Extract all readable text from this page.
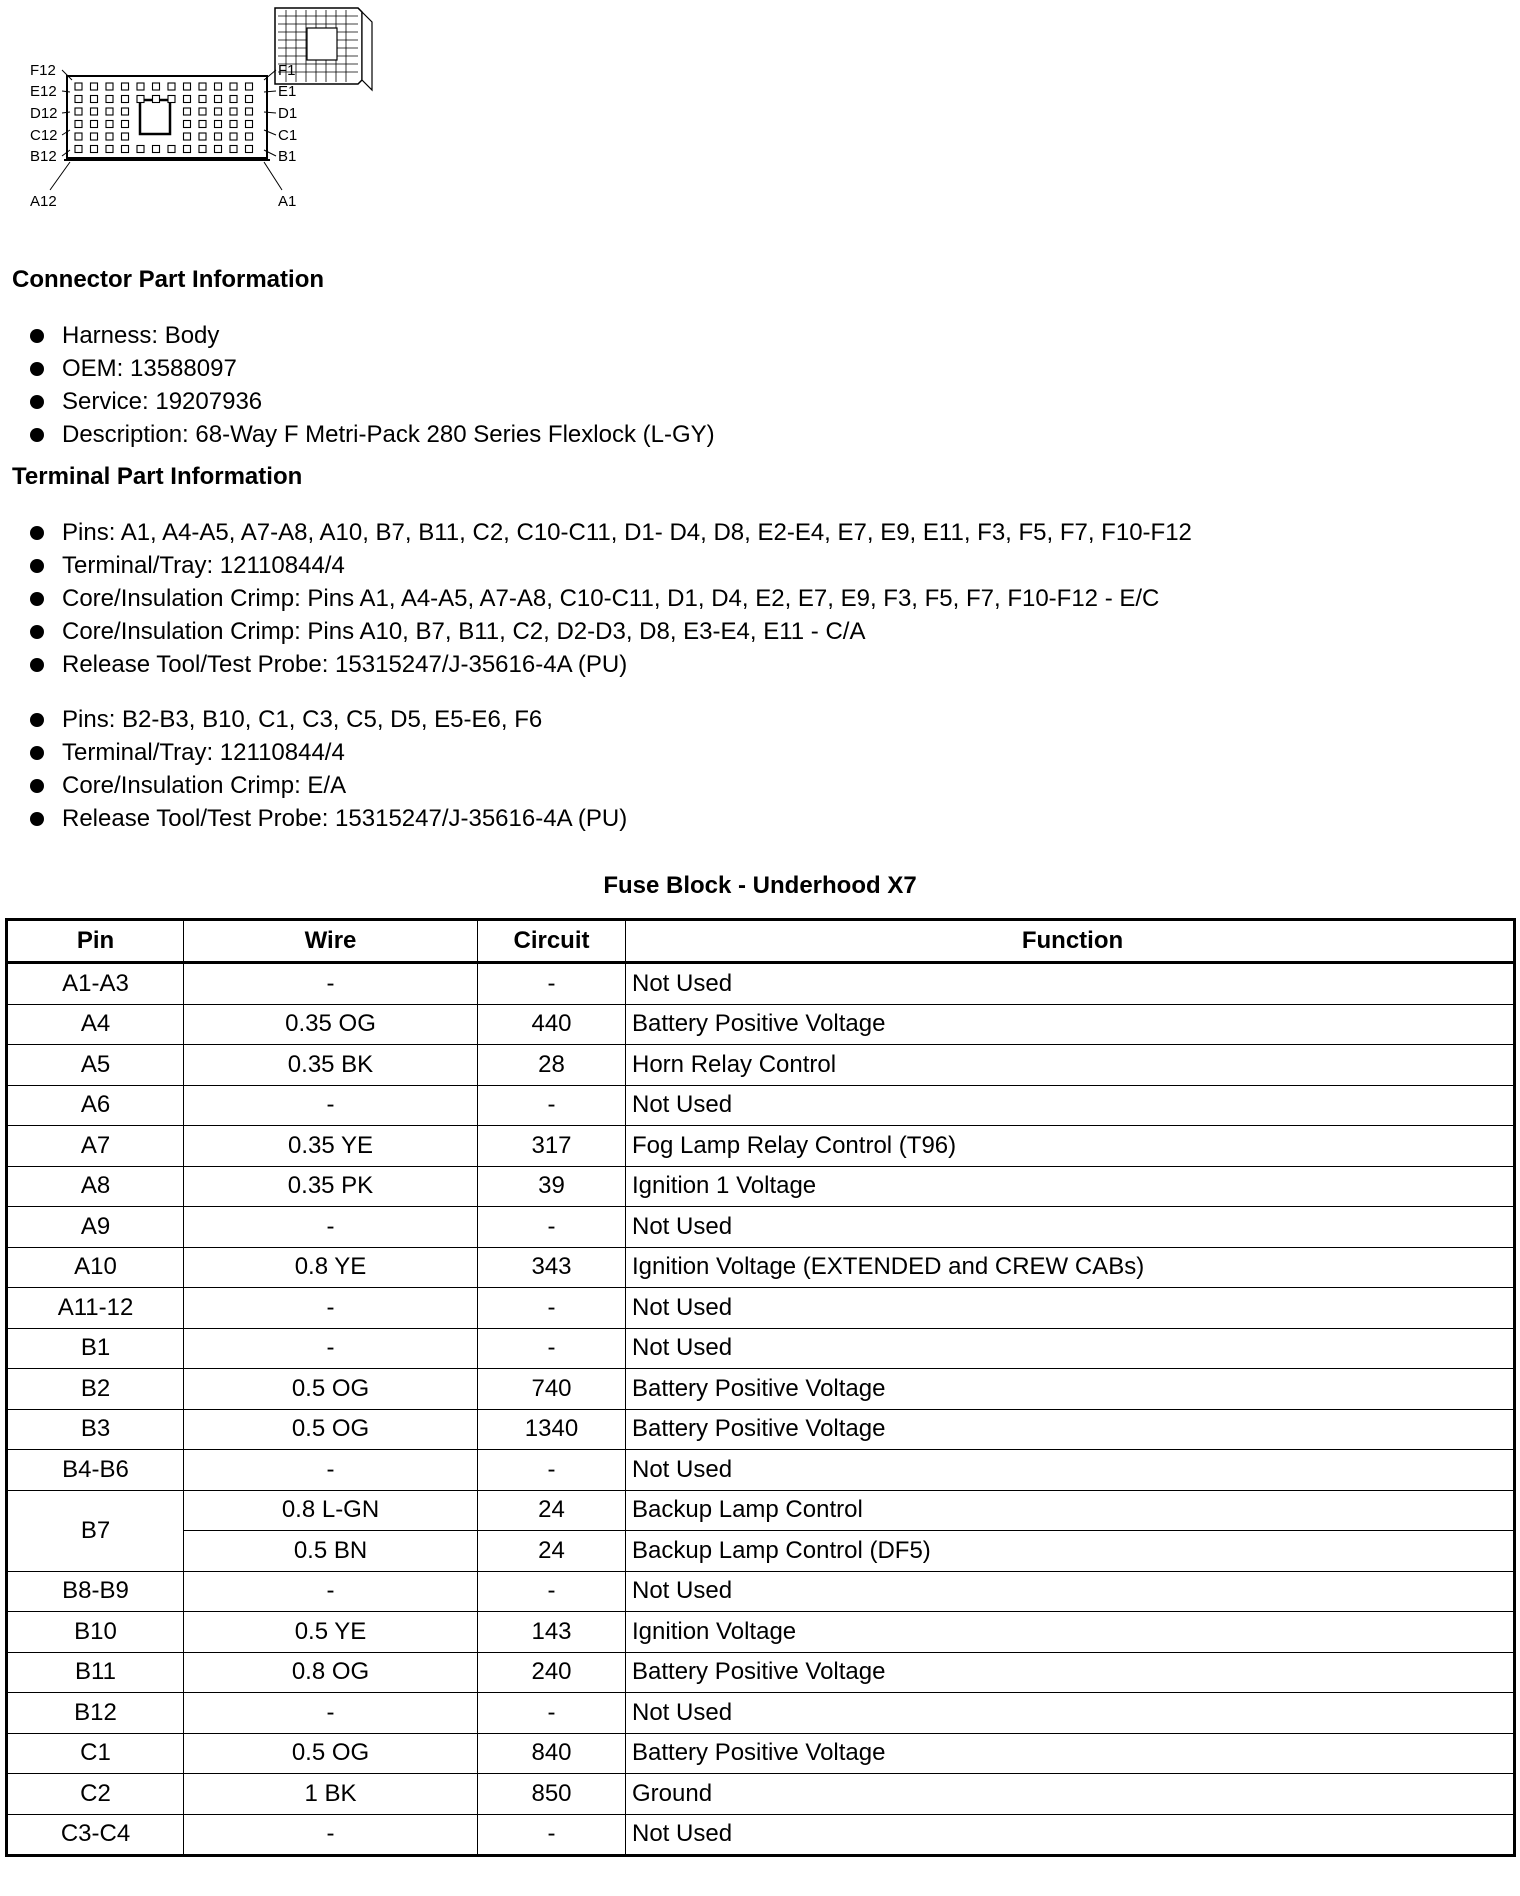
F12
E12
D12
C12
B12
A12
F1
E1
D1
C1
B1
A1
Connector Part Information
Harness: Body
OEM: 13588097
Service: 19207936
Description: 68-Way F Metri-Pack 280 Series Flexlock (L-GY)
Terminal Part Information
Pins: A1, A4-A5, A7-A8, A10, B7, B11, C2, C10-C11, D1- D4, D8, E2-E4, E7, E9, E11, F3, F5, F7, F10-F12
Terminal/Tray: 12110844/4
Core/Insulation Crimp: Pins A1, A4-A5, A7-A8, C10-C11, D1, D4, E2, E7, E9, F3, F5, F7, F10-F12 - E/C
Core/Insulation Crimp: Pins A10, B7, B11, C2, D2-D3, D8, E3-E4, E11 - C/A
Release Tool/Test Probe: 15315247/J-35616-4A (PU)
Pins: B2-B3, B10, C1, C3, C5, D5, E5-E6, F6
Terminal/Tray: 12110844/4
Core/Insulation Crimp: E/A
Release Tool/Test Probe: 15315247/J-35616-4A (PU)
Fuse Block - Underhood X7
Pin	Wire	Circuit	Function
A1-A3	-	-	Not Used
A4	0.35 OG	440	Battery Positive Voltage
A5	0.35 BK	28	Horn Relay Control
A6	-	-	Not Used
A7	0.35 YE	317	Fog Lamp Relay Control (T96)
A8	0.35 PK	39	Ignition 1 Voltage
A9	-	-	Not Used
A10	0.8 YE	343	Ignition Voltage (EXTENDED and CREW CABs)
A11-12	-	-	Not Used
B1	-	-	Not Used
B2	0.5 OG	740	Battery Positive Voltage
B3	0.5 OG	1340	Battery Positive Voltage
B4-B6	-	-	Not Used
B7	0.8 L-GN	24	Backup Lamp Control
	0.5 BN	24	Backup Lamp Control (DF5)
B8-B9	-	-	Not Used
B10	0.5 YE	143	Ignition Voltage
B11	0.8 OG	240	Battery Positive Voltage
B12	-	-	Not Used
C1	0.5 OG	840	Battery Positive Voltage
C2	1 BK	850	Ground
C3-C4	-	-	Not Used
